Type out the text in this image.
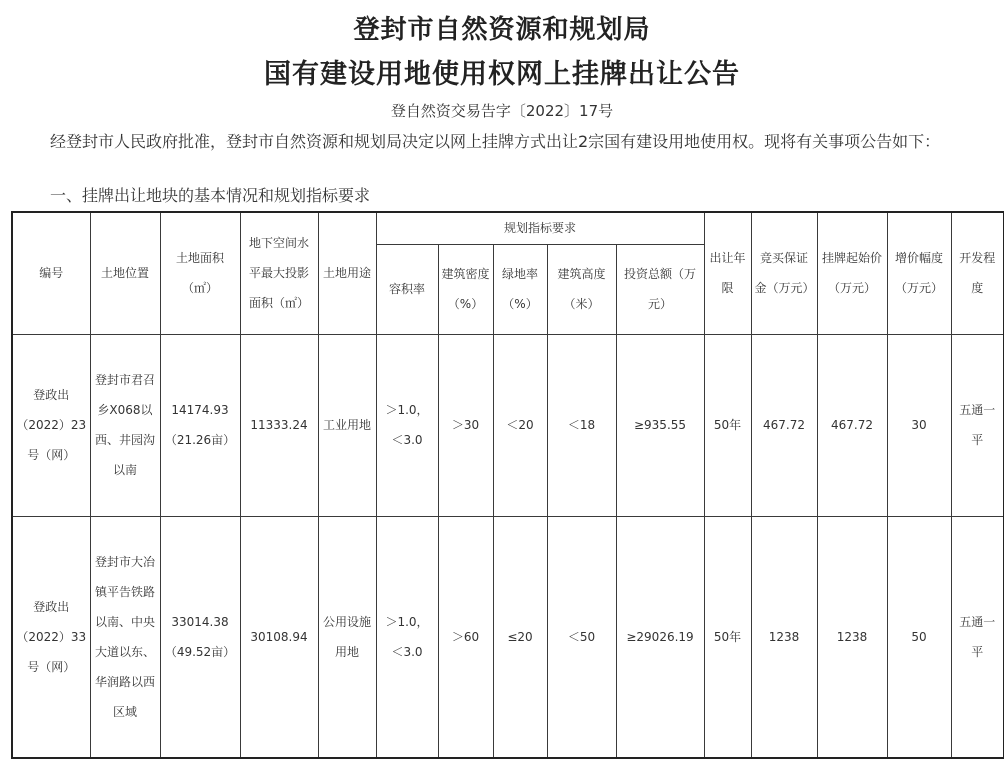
登封市自然资源和规划局
国有建设用地使用权网上挂牌出让公告
登自然资交易告字〔2022〕17号
经登封市人民政府批准，登封市自然资源和规划局决定以网上挂牌方式出让2宗国有建设用地使用权。现将有关事项公告如下：
一、挂牌出让地块的基本情况和规划指标要求
编号	土地位置	土地面积（㎡）	地下空间水平最大投影面积（㎡）	土地用途	规划指标要求					出让年限	竞买保证金（万元）	挂牌起始价（万元）	增价幅度（万元）	开发程度
					容积率	建筑密度（%）	绿地率（%）	建筑高度（米）	投资总额（万元）					
登政出（2022）23号（网）	登封市君召乡X068以西、井园沟以南	14174.93（21.26亩）	11333.24	工业用地	＞1.0，＜3.0	＞30	＜20	＜18	≥935.55	50年	467.72	467.72	30	五通一平
登政出（2022）33号（网）	登封市大冶镇平告铁路以南、中央大道以东、华润路以西区域	33014.38（49.52亩）	30108.94	公用设施用地	＞1.0，＜3.0	＞60	≤20	＜50	≥29026.19	50年	1238	1238	50	五通一平
